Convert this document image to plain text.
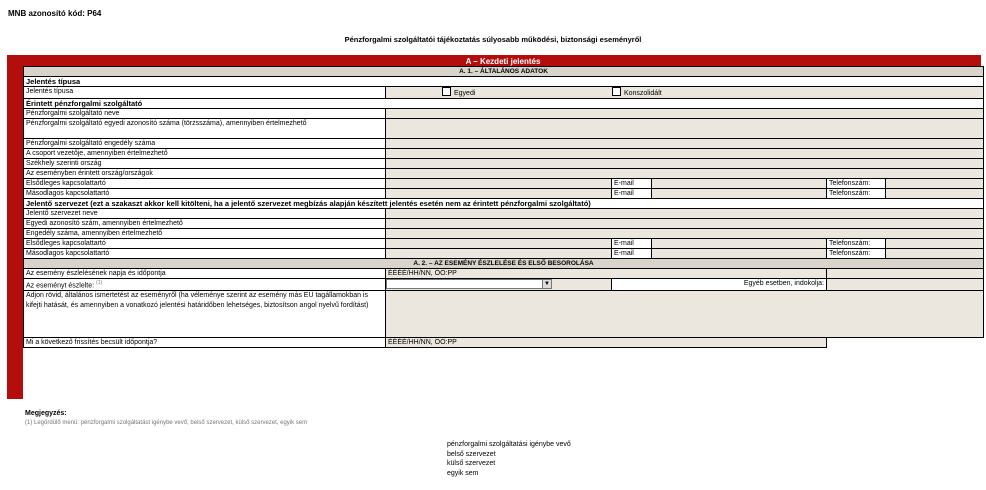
MNB azonosító kód: P64
Pénzforgalmi szolgáltatói tájékoztatás súlyosabb működési, biztonsági eseményről
A – Kezdeti jelentés
A. 1. – ÁLTALÁNOS ADATOK					
Jelentés típusa					
Jelentés típusa	Egyedi Konszolidált				
Érintett pénzforgalmi szolgáltató					
Pénzforgalmi szolgáltató neve					
Pénzforgalmi szolgáltató egyedi azonosító száma (törzsszáma), amennyiben értelmezhető					
Pénzforgalmi szolgáltató engedély száma					
A csoport vezetője, amennyiben értelmezhető					
Székhely szerinti ország					
Az eseményben érintett ország/országok					
Elsődleges kapcsolattartó		E-mail		Telefonszám:	
Másodlagos kapcsolattartó		E-mail		Telefonszám:	
Jelentő szervezet (ezt a szakaszt akkor kell kitölteni, ha a jelentő szervezet megbízás alapján készített jelentés esetén nem az érintett pénzforgalmi szolgáltató)					
Jelentő szervezet neve					
Egyedi azonosító szám, amennyiben értelmezhető					
Engedély száma, amennyiben értelmezhető					
Elsődleges kapcsolattartó		E-mail		Telefonszám:	
Másodlagos kapcsolattartó		E-mail		Telefonszám:	
A. 2. – AZ ESEMÉNY ÉSZLELÉSE ÉS ELSŐ BESOROLÁSA					
Az esemény észlelésének napja és időpontja	ÉÉÉÉ/HH/NN, ÓÓ:PP				
Az eseményt észlelte: $^{(1)}$	▼	Egyéb esetben, indokolja:			
Adjon rövid, általános ismertetést az eseményről (ha véleménye szerint az esemény más EU tagállamokban is kifejti hatását, és amennyiben a vonatkozó jelentési határidőben lehetséges, biztosítson angol nyelvű fordítást)					
Mi a következő frissítés becsült időpontja?	ÉÉÉÉ/HH/NN, ÓÓ:PP				
Megjegyzés:
(1) Legördülő menü: pénzforgalmi szolgáltatást igénybe vevő, belső szervezet, külső szervezet, egyik sem
pénzforgalmi szolgáltatási igénybe vevő
belső szervezet
külső szervezet
egyik sem
